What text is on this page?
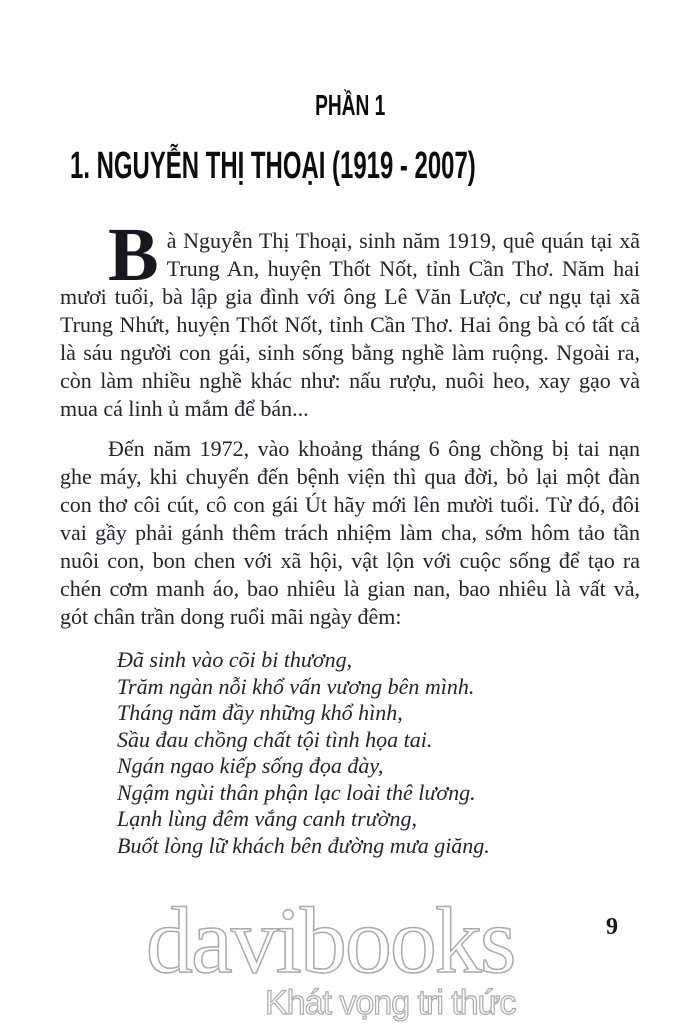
PHẦN 1
1. NGUYỄN THỊ THOẠI (1919 - 2007)

Bà Nguyễn Thị Thoại, sinh năm 1919, quê quán tại xã Trung An, huyện Thốt Nốt, tỉnh Cần Thơ. Năm hai mươi tuổi, bà lập gia đình với ông Lê Văn Lược, cư ngụ tại xã Trung Nhứt, huyện Thốt Nốt, tỉnh Cần Thơ. Hai ông bà có tất cả là sáu người con gái, sinh sống bằng nghề làm ruộng. Ngoài ra, còn làm nhiều nghề khác như: nấu rượu, nuôi heo, xay gạo và mua cá linh ủ mắm để bán...

Đến năm 1972, vào khoảng tháng 6 ông chồng bị tai nạn ghe máy, khi chuyển đến bệnh viện thì qua đời, bỏ lại một đàn con thơ côi cút, cô con gái Út hãy mới lên mười tuổi. Từ đó, đôi vai gầy phải gánh thêm trách nhiệm làm cha, sớm hôm tảo tần nuôi con, bon chen với xã hội, vật lộn với cuộc sống để tạo ra chén cơm manh áo, bao nhiêu là gian nan, bao nhiêu là vất vả, gót chân trần dong ruổi mãi ngày đêm:

Đã sinh vào cõi bi thương,
Trăm ngàn nỗi khổ vấn vương bên mình.
Tháng năm đầy những khổ hình,
Sầu đau chồng chất tội tình họa tai.
Ngán ngao kiếp sống đọa đày,
Ngậm ngùi thân phận lạc loài thê lương.
Lạnh lùng đêm vắng canh trường,
Buốt lòng lữ khách bên đường mưa giăng.
davibooks
Khát vọng tri thức
9
